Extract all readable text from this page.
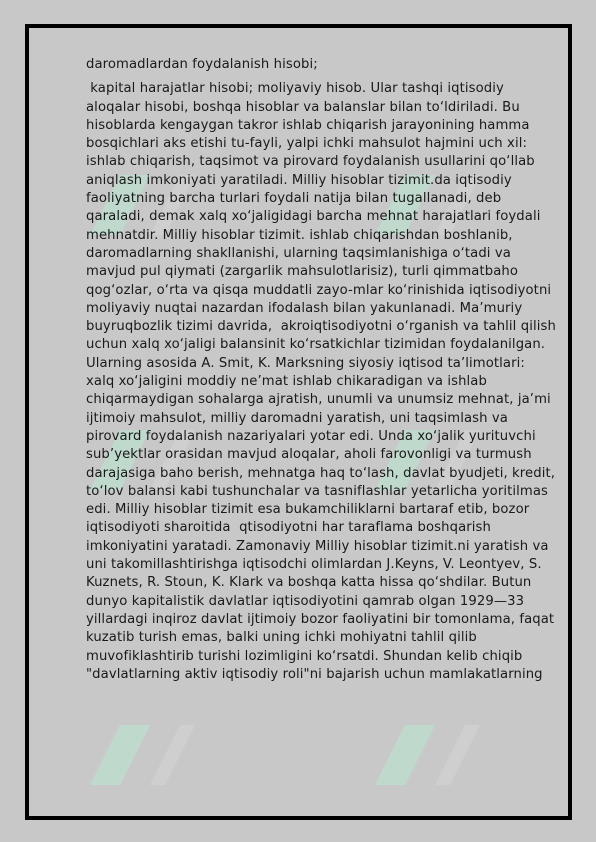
daromadlardan foydalanish hisobi;

kapital harajatlar hisobi; moliyaviy hisob. Ular tashqi iqtisodiy aloqalar hisobi, boshqa hisoblar va balanslar bilan to‘ldiriladi. Bu hisoblarda kengaygan takror ishlab chiqarish jarayonining hamma bosqichlari aks etishi tu-fayli, yalpi ichki mahsulot hajmini uch xil: ishlab chiqarish, taqsimot va pirovard foydalanish usullarini qo‘llab aniqlash imkoniyati yaratiladi. Milliy hisoblar tizimit.da iqtisodiy faoliyatning barcha turlari foydali natija bilan tugallanadi, deb qaraladi, demak xalq xo‘jaligidagi barcha mehnat harajatlari foydali mehnatdir. Milliy hisoblar tizimit. ishlab chiqarishdan boshlanib, daromadlarning shakllanishi, ularning taqsimlanishiga o‘tadi va mavjud pul qiymati (zargarlik mahsulotlarisiz), turli qimmatbaho qog‘ozlar, o‘rta va qisqa muddatli zayo-mlar ko‘rinishida iqtisodiyotni moliyaviy nuqtai nazardan ifodalash bilan yakunlanadi. Ma’muriy buyruqbozlik tizimi davrida,  akroiqtisodiyotni o‘rganish va tahlil qilish uchun xalq xo‘jaligi balansinit ko‘rsatkichlar tizimidan foydalanilgan. Ularning asosida A. Smit, K. Marksning siyosiy iqtisod ta’limotlari: xalq xo‘jaligini moddiy ne’mat ishlab chikaradigan va ishlab chiqarmaydigan sohalarga ajratish, unumli va unumsiz mehnat, ja’mi ijtimoiy mahsulot, milliy daromadni yaratish, uni taqsimlash va pirovard foydalanish nazariyalari yotar edi. Unda xo‘jalik yurituvchi sub’yektlar orasidan mavjud aloqalar, aholi farovonligi va turmush darajasiga baho berish, mehnatga haq to‘lash, davlat byudjeti, kredit, to‘lov balansi kabi tushunchalar va tasniflashlar yetarlicha yoritilmas edi. Milliy hisoblar tizimit esa bukamchiliklarni bartaraf etib, bozor iqtisodiyoti sharoitida  qtisodiyotni har taraflama boshqarish imkoniyatini yaratadi. Zamonaviy Milliy hisoblar tizimit.ni yaratish va uni takomillashtirishga iqtisodchi olimlardan J.Keyns, V. Leontyev, S. Kuznets, R. Stoun, K. Klark va boshqa katta hissa qo‘shdilar. Butun dunyo kapitalistik davlatlar iqtisodiyotini qamrab olgan 1929—33 yillardagi inqiroz davlat ijtimoiy bozor faoliyatini bir tomonlama, faqat kuzatib turish emas, balki uning ichki mohiyatni tahlil qilib muvofiklashtirib turishi lozimligini ko‘rsatdi. Shundan kelib chiqib "davlatlarning aktiv iqtisodiy roli"ni bajarish uchun mamlakatlarning
